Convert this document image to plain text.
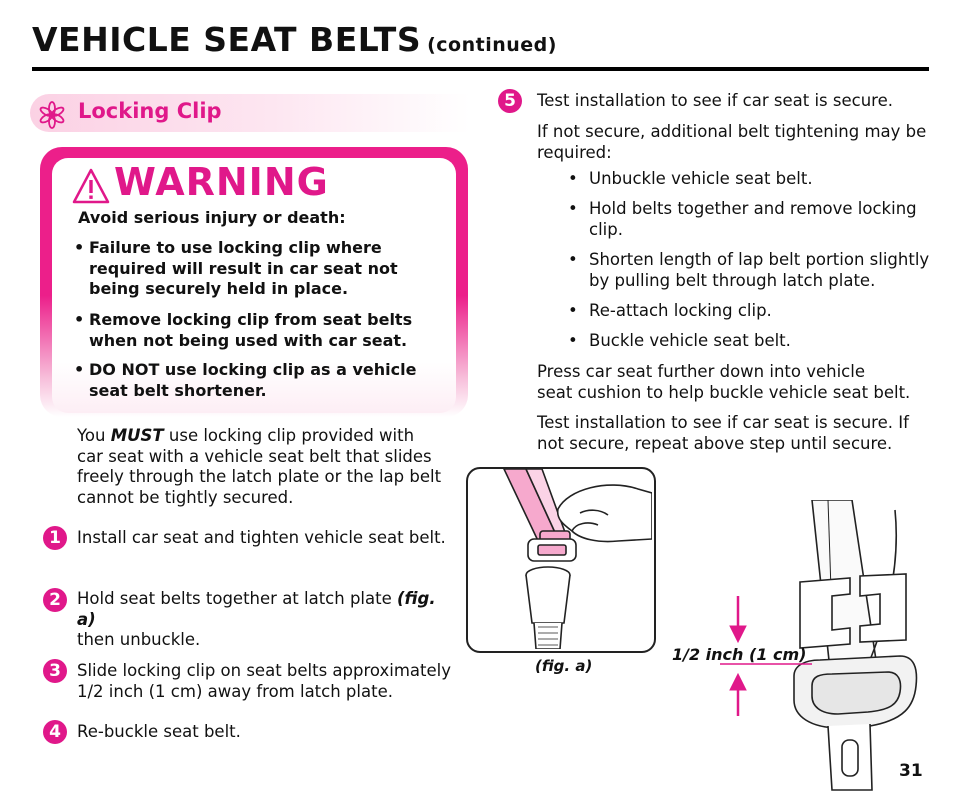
VEHICLE SEAT BELTS (continued)
Locking Clip
WARNING
Avoid serious injury or death:
• Failure to use locking clip where
required will result in car seat not
being securely held in place.
• Remove locking clip from seat belts
when not being used with car seat.
• DO NOT use locking clip as a vehicle
seat belt shortener.
You MUST use locking clip provided with
car seat with a vehicle seat belt that slides
freely through the latch plate or the lap belt
cannot be tightly secured.
1 Install car seat and tighten vehicle seat belt.
2 Hold seat belts together at latch plate (fig. a)
then unbuckle.
3 Slide locking clip on seat belts approximately
1/2 inch (1 cm) away from latch plate.
4 Re-buckle seat belt.
5	Test installation to see if car seat is secure.
If not secure, additional belt tightening may be
required:
• Unbuckle vehicle seat belt.
• Hold belts together and remove locking
clip.
• Shorten length of lap belt portion slightly
by pulling belt through latch plate.
• Re-attach locking clip.
• Buckle vehicle seat belt.
Press car seat further down into vehicle
seat cushion to help buckle vehicle seat belt.
Test installation to see if car seat is secure. If
not secure, repeat above step until secure.
(fig. a)
1/2 inch (1 cm)
31
